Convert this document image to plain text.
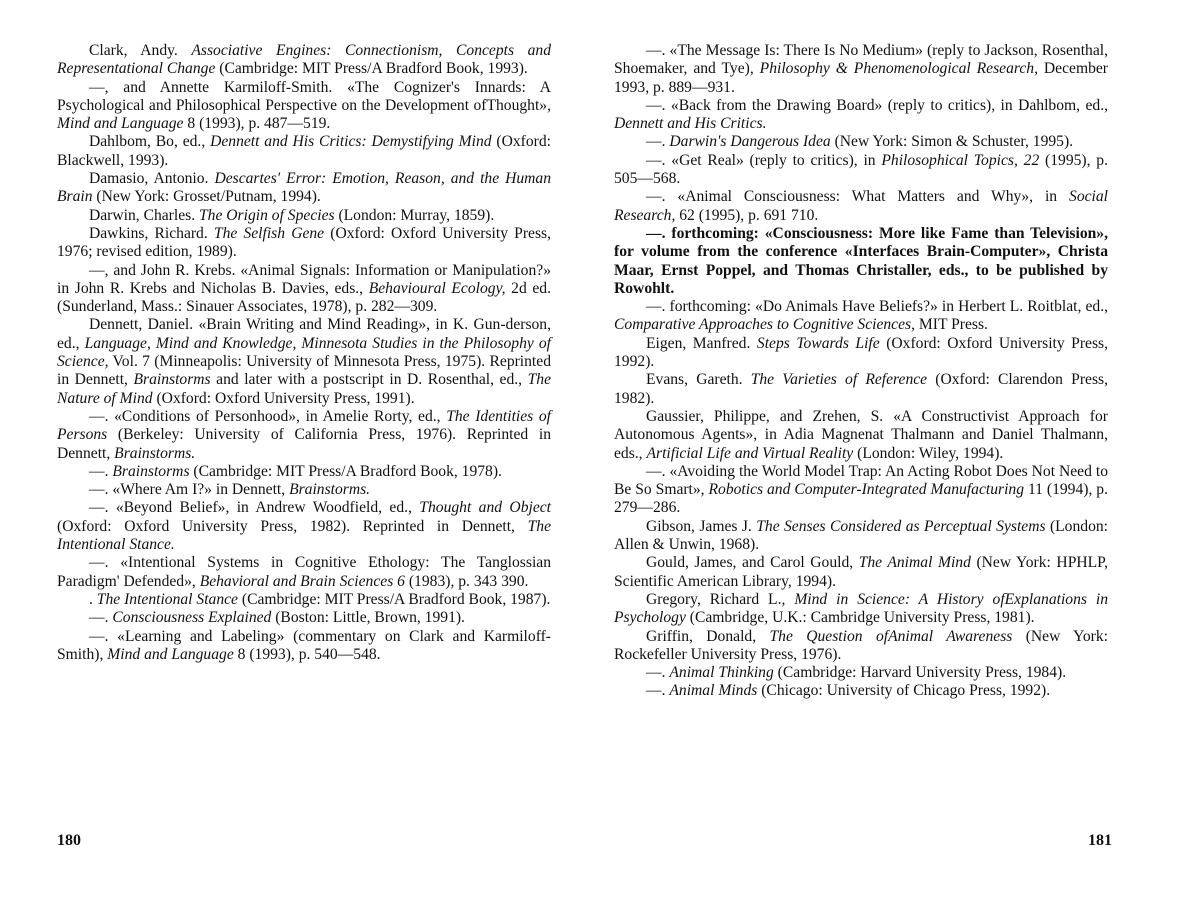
Clark, Andy. Associative Engines: Connectionism, Concepts and Representational Change (Cambridge: MIT Press/A Bradford Book, 1993).

—, and Annette Karmiloff-Smith. «The Cognizer's Innards: A Psychological and Philosophical Perspective on the Development ofThought», Mind and Language 8 (1993), p. 487—519.

Dahlbom, Bo, ed., Dennett and His Critics: Demystifying Mind (Oxford: Blackwell, 1993).

Damasio, Antonio. Descartes' Error: Emotion, Reason, and the Human Brain (New York: Grosset/Putnam, 1994).

Darwin, Charles. The Origin of Species (London: Murray, 1859).

Dawkins, Richard. The Selfish Gene (Oxford: Oxford University Press, 1976; revised edition, 1989).

—, and John R. Krebs. «Animal Signals: Information or Manipulation?» in John R. Krebs and Nicholas B. Davies, eds., Behavioural Ecology, 2d ed. (Sunderland, Mass.: Sinauer Associates, 1978), p. 282—309.

Dennett, Daniel. «Brain Writing and Mind Reading», in K. Gun-derson, ed., Language, Mind and Knowledge, Minnesota Studies in the Philosophy of Science, Vol. 7 (Minneapolis: University of Minnesota Press, 1975). Reprinted in Dennett, Brainstorms and later with a postscript in D. Rosenthal, ed., The Nature of Mind (Oxford: Oxford University Press, 1991).

—. «Conditions of Personhood», in Amelie Rorty, ed., The Identities of Persons (Berkeley: University of California Press, 1976). Reprinted in Dennett, Brainstorms.

—. Brainstorms (Cambridge: MIT Press/A Bradford Book, 1978).

—. «Where Am I?» in Dennett, Brainstorms.

—. «Beyond Belief», in Andrew Woodfield, ed., Thought and Object (Oxford: Oxford University Press, 1982). Reprinted in Dennett, The Intentional Stance.

—. «Intentional Systems in Cognitive Ethology: The Tanglossian Paradigm' Defended», Behavioral and Brain Sciences 6 (1983), p. 343 390.

. The Intentional Stance (Cambridge: MIT Press/A Bradford Book, 1987).

—. Consciousness Explained (Boston: Little, Brown, 1991).

—. «Learning and Labeling» (commentary on Clark and Karmiloff-Smith), Mind and Language 8 (1993), p. 540—548.

—. «The Message Is: There Is No Medium» (reply to Jackson, Rosenthal, Shoemaker, and Tye), Philosophy & Phenomenological Research, December 1993, p. 889—931.

—. «Back from the Drawing Board» (reply to critics), in Dahlbom, ed., Dennett and His Critics.

—. Darwin's Dangerous Idea (New York: Simon & Schuster, 1995).

—. «Get Real» (reply to critics), in Philosophical Topics, 22 (1995), p. 505—568.

—. «Animal Consciousness: What Matters and Why», in Social Research, 62 (1995), p. 691 710.

—. forthcoming: «Consciousness: More like Fame than Television», for volume from the conference «Interfaces Brain-Computer», Christa Maar, Ernst Poppel, and Thomas Christaller, eds., to be published by Rowohlt.

—. forthcoming: «Do Animals Have Beliefs?» in Herbert L. Roitblat, ed., Comparative Approaches to Cognitive Sciences, MIT Press.

Eigen, Manfred. Steps Towards Life (Oxford: Oxford University Press, 1992).

Evans, Gareth. The Varieties of Reference (Oxford: Clarendon Press, 1982).

Gaussier, Philippe, and Zrehen, S. «A Constructivist Approach for Autonomous Agents», in Adia Magnenat Thalmann and Daniel Thalmann, eds., Artificial Life and Virtual Reality (London: Wiley, 1994).

—. «Avoiding the World Model Trap: An Acting Robot Does Not Need to Be So Smart», Robotics and Computer-Integrated Manufacturing 11 (1994), p. 279—286.

Gibson, James J. The Senses Considered as Perceptual Systems (London: Allen & Unwin, 1968).

Gould, James, and Carol Gould, The Animal Mind (New York: HPHLP, Scientific American Library, 1994).

Gregory, Richard L., Mind in Science: A History ofExplanations in Psychology (Cambridge, U.K.: Cambridge University Press, 1981).

Griffin, Donald, The Question ofAnimal Awareness (New York: Rockefeller University Press, 1976).

—. Animal Thinking (Cambridge: Harvard University Press, 1984).

—. Animal Minds (Chicago: University of Chicago Press, 1992).

180	181
